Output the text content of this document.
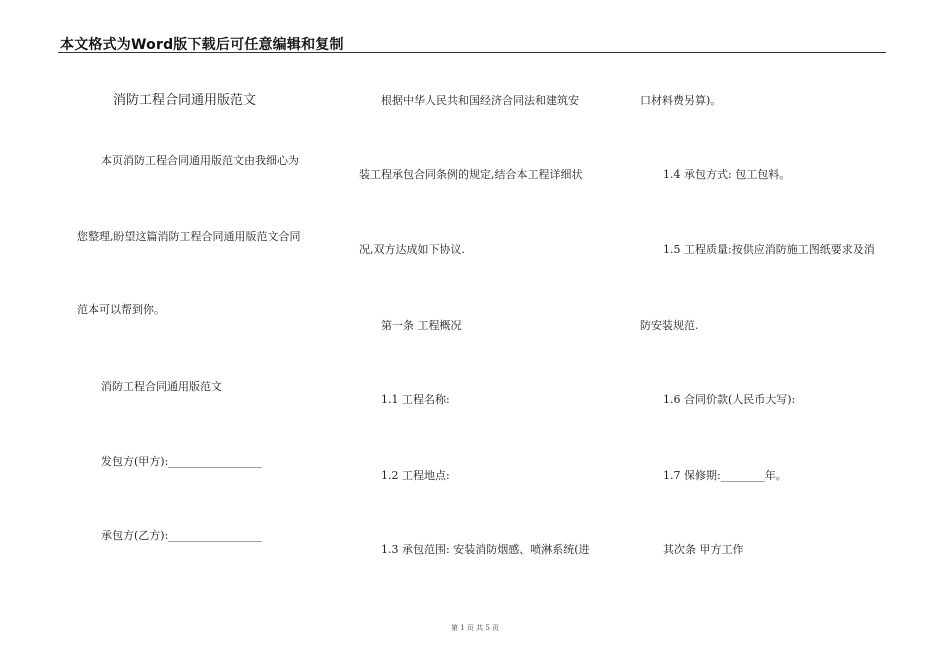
本文格式为Word版下载后可任意编辑和复制
消防工程合同通用版范文
本页消防工程合同通用版范文由我细心为
您整理,盼望这篇消防工程合同通用版范文合同
范本可以帮到你。
消防工程合同通用版范文
发包方(甲方):_________________
承包方(乙方):_________________
根据中华人民共和国经济合同法和建筑安
装工程承包合同条例的规定,结合本工程详细状
况,双方达成如下协议.
第一条 工程概况
1.1 工程名称:
1.2 工程地点:
1.3 承包范围: 安装消防烟感、喷淋系统(进
口材料费另算)。
1.4 承包方式: 包工包料。
1.5 工程质量:按供应消防施工图纸要求及消
防安装规范.
1.6 合同价款(人民币大写):
1.7 保修期:________年。
其次条 甲方工作
第 1 页 共 5 页
